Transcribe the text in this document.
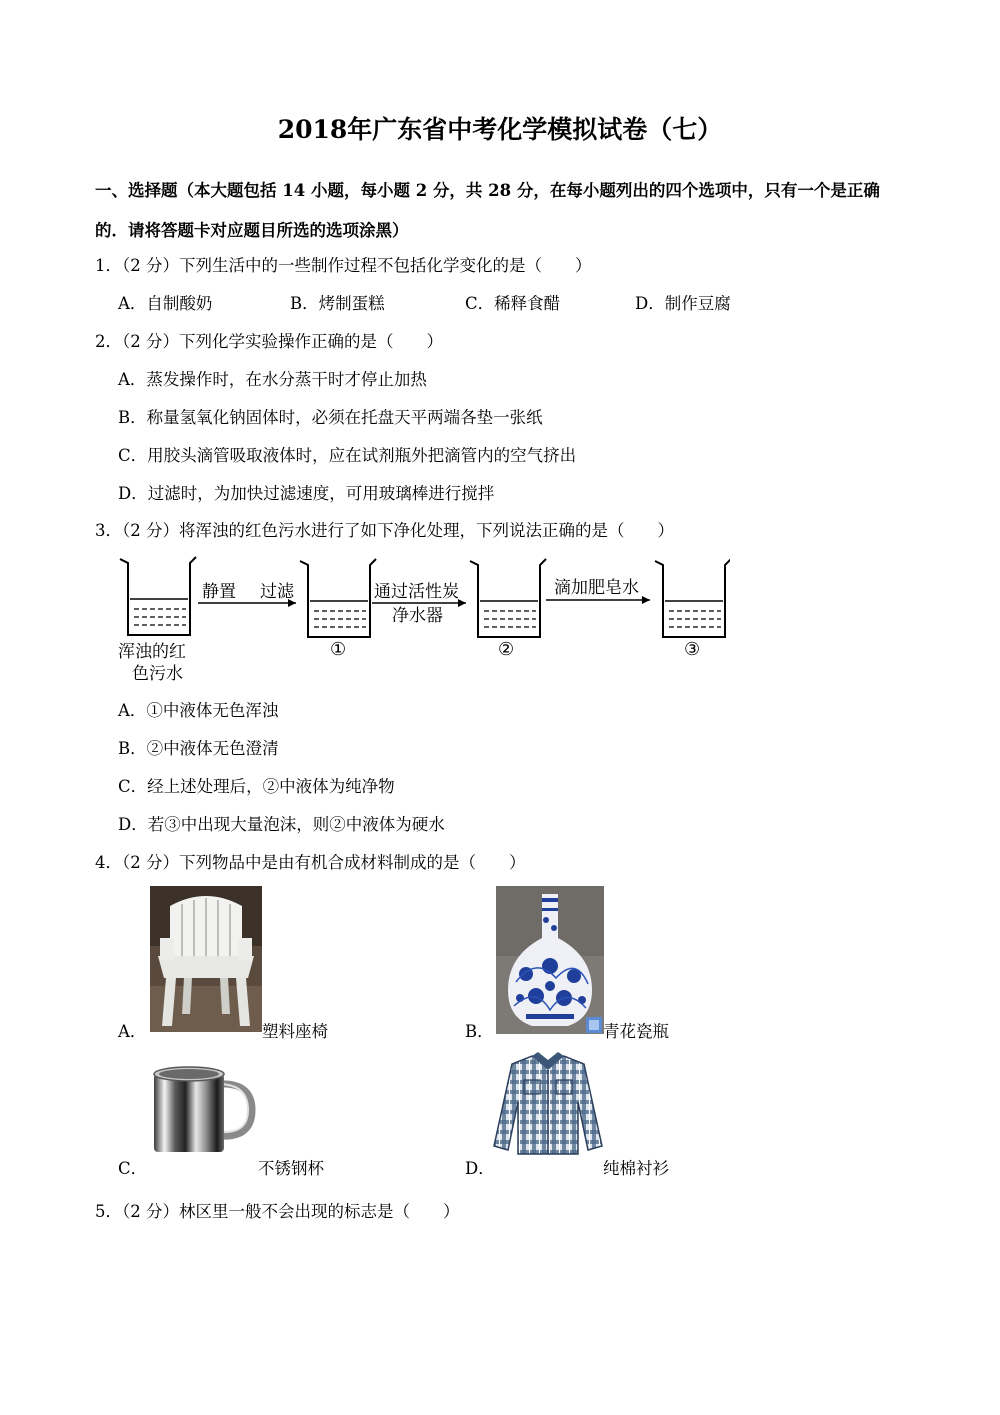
2018年广东省中考化学模拟试卷（七）
一、选择题（本大题包括 14 小题，每小题 2 分，共 28 分，在每小题列出的四个选项中，只有一个是正确
的．请将答题卡对应题目所选的选项涂黑）
1．（2 分）下列生活中的一些制作过程不包括化学变化的是（　　）
A．自制酸奶	B．烤制蛋糕	C．稀释食醋	D．制作豆腐
2．（2 分）下列化学实验操作正确的是（　　）
A．蒸发操作时，在水分蒸干时才停止加热
B．称量氢氧化钠固体时，必须在托盘天平两端各垫一张纸
C．用胶头滴管吸取液体时，应在试剂瓶外把滴管内的空气挤出
D．过滤时，为加快过滤速度，可用玻璃棒进行搅拌
3．（2 分）将浑浊的红色污水进行了如下净化处理，下列说法正确的是（　　）
静置 过滤	通过活性炭
净水器
滴加肥皂水
浑浊的红
色污水
①	②	③
A．①中液体无色浑浊
B．②中液体无色澄清
C．经上述处理后，②中液体为纯净物
D．若③中出现大量泡沫，则②中液体为硬水
4．（2 分）下列物品中是由有机合成材料制成的是（　　）
A．	塑料座椅	B．	青花瓷瓶
C．	不锈钢杯	D．	纯棉衬衫
5．（2 分）林区里一般不会出现的标志是（　　）
